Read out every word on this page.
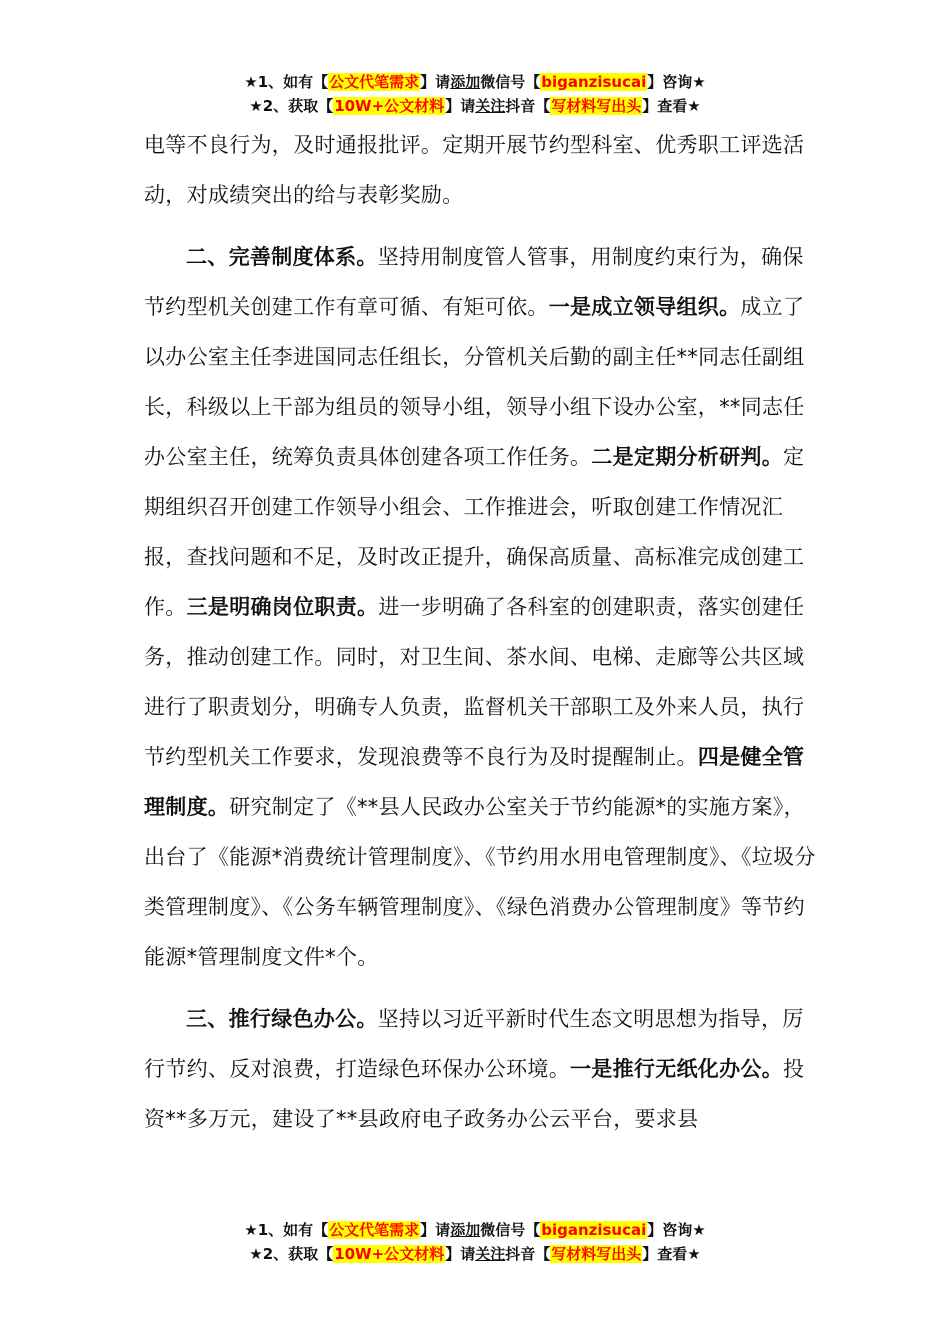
★1、如有【公文代笔需求】请添加微信号【biganzisucai】咨询★
★2、获取【10W+公文材料】请关注抖音【写材料写出头】查看★

电等不良行为，及时通报批评。定期开展节约型科室、优秀职工评选活动，对成绩突出的给与表彰奖励。

二、完善制度体系。坚持用制度管人管事，用制度约束行为，确保节约型机关创建工作有章可循、有矩可依。一是成立领导组织。成立了以办公室主任李进国同志任组长，分管机关后勤的副主任**同志任副组长，科级以上干部为组员的领导小组，领导小组下设办公室，**同志任办公室主任，统筹负责具体创建各项工作任务。二是定期分析研判。定期组织召开创建工作领导小组会、工作推进会，听取创建工作情况汇报，查找问题和不足，及时改正提升，确保高质量、高标准完成创建工作。三是明确岗位职责。进一步明确了各科室的创建职责，落实创建任务，推动创建工作。同时，对卫生间、茶水间、电梯、走廊等公共区域进行了职责划分，明确专人负责，监督机关干部职工及外来人员，执行节约型机关工作要求，发现浪费等不良行为及时提醒制止。四是健全管理制度。研究制定了《**县人民政办公室关于节约能源*的实施方案》，出台了《能源*消费统计管理制度》、《节约用水用电管理制度》、《垃圾分类管理制度》、《公务车辆管理制度》、《绿色消费办公管理制度》等节约能源*管理制度文件*个。

三、推行绿色办公。坚持以习近平新时代生态文明思想为指导，厉行节约、反对浪费，打造绿色环保办公环境。一是推行无纸化办公。投资**多万元，建设了**县政府电子政务办公云平台，要求县

★1、如有【公文代笔需求】请添加微信号【biganzisucai】咨询★
★2、获取【10W+公文材料】请关注抖音【写材料写出头】查看★
